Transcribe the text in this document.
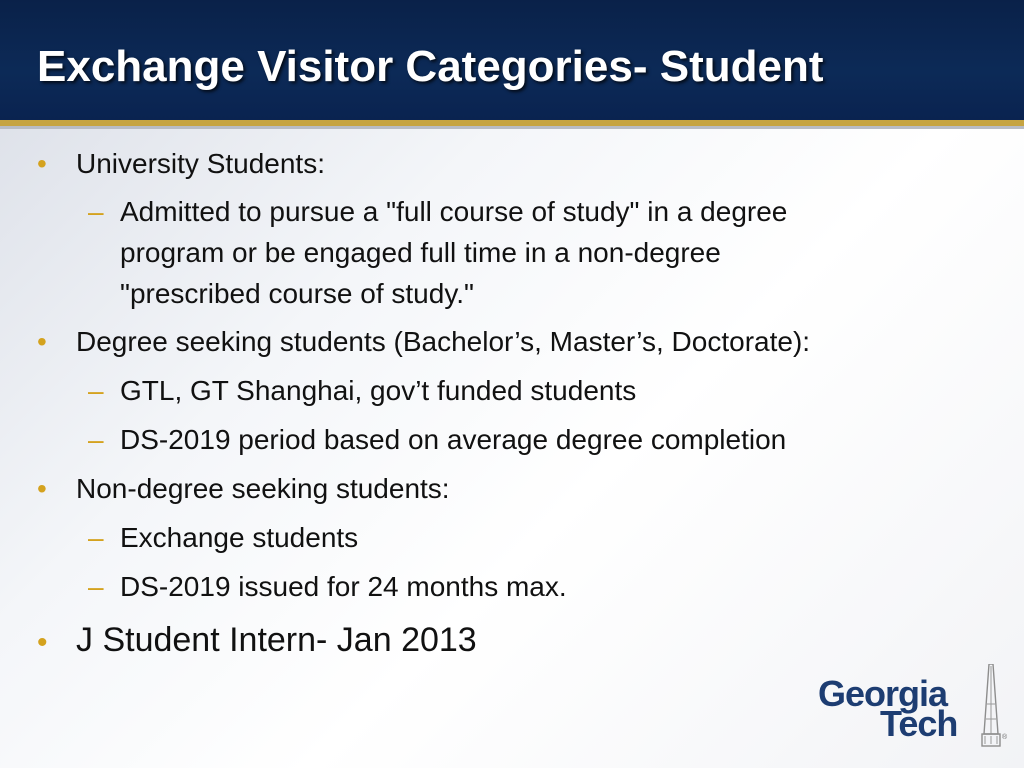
Exchange Visitor Categories- Student
• University Students:
– Admitted to pursue a "full course of study" in a degree
program or be engaged full time in a non-degree
"prescribed course of study."
• Degree seeking students (Bachelor’s, Master’s, Doctorate):
– GTL, GT Shanghai, gov’t funded students
– DS-2019 period based on average degree completion
• Non-degree seeking students:
– Exchange students
– DS-2019 issued for 24 months max.
• J Student Intern- Jan 2013
Georgia
Tech	®
